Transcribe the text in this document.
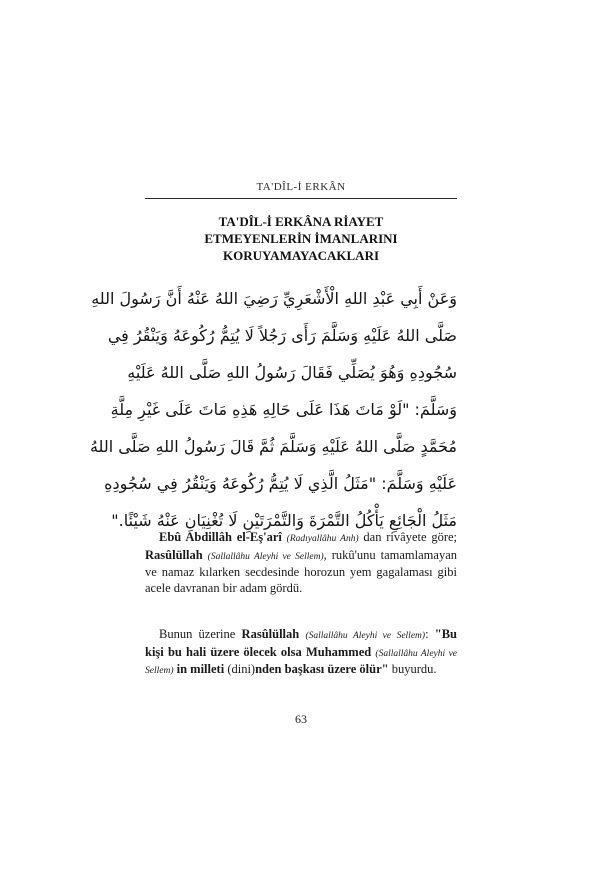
TA'DÎL-İ ERKÂN
TA'DÎL-İ ERKÂNA RİAYET
ETMEYENLERİN İMANLARINI
KORUYAMAYACAKLARI
وَعَنْ أَبِي عَبْدِ اللهِ الْأَشْعَرِيِّ رَضِيَ اللهُ عَنْهُ أَنَّ رَسُولَ اللهِ
صَلَّى اللهُ عَلَيْهِ وَسَلَّمَ رَأَى رَجُلاً لَا يُتِمُّ رُكُوعَهُ وَيَنْقُرُ فِي
سُجُودِهِ وَهُوَ يُصَلِّي فَقَالَ رَسُولُ اللهِ صَلَّى اللهُ عَلَيْهِ
وَسَلَّمَ: "لَوْ مَاتَ هَذَا عَلَى حَالِهِ هَذِهِ مَاتَ عَلَى غَيْرِ مِلَّةِ
مُحَمَّدٍ صَلَّى اللهُ عَلَيْهِ وَسَلَّمَ ثُمَّ قَالَ رَسُولُ اللهِ صَلَّى اللهُ
عَلَيْهِ وَسَلَّمَ: "مَثَلُ الَّذِي لَا يُتِمُّ رُكُوعَهُ وَيَنْقُرُ فِي سُجُودِهِ
مَثَلُ الْجَائِعِ يَأْكُلُ التَّمْرَةَ وَالتَّمْرَتَيْنِ لَا تُغْنِيَانِ عَنْهُ شَيْئًا."
Ebû Abdillâh el-Eş'arî (Radıyallâhu Anh) dan rivâyete göre; Rasûlüllah (Sallallâhu Aleyhi ve Sellem), rukû'unu tamamlamayan ve namaz kılarken secdesinde horozun yem gagalaması gibi acele davranan bir adam gördü.
Bunun üzerine Rasûlüllah (Sallallâhu Aleyhi ve Sellem): "Bu kişi bu hali üzere ölecek olsa Muhammed (Sallallâhu Aleyhi ve Sellem) in milleti (dini)nden başkası üzere ölür" buyurdu.
63
